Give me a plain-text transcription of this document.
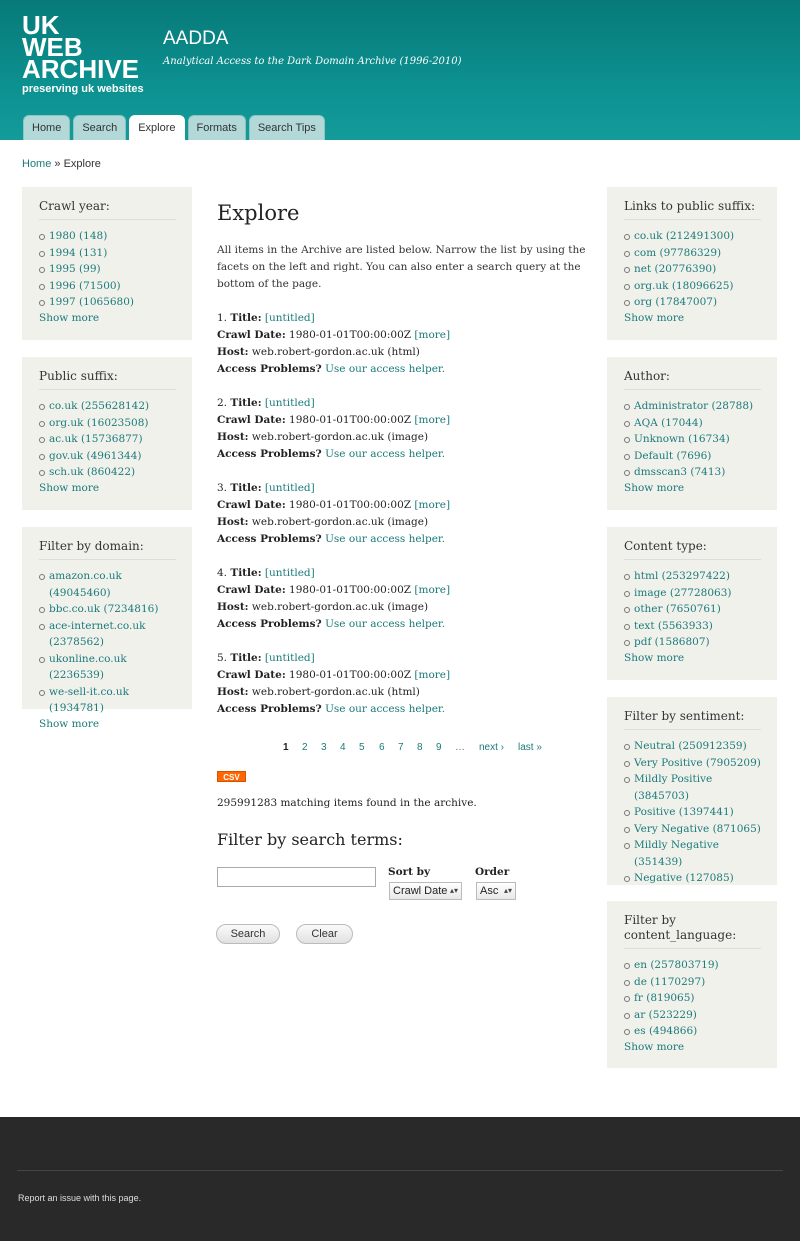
UK
WEB
ARCHIVE
preserving uk websites
AADDA
Analytical Access to the Dark Domain Archive (1996-2010)
Home	Search	Explore	Formats	Search Tips
Home » Explore
Crawl year:
1980 (148)
1994 (131)
1995 (99)
1996 (71500)
1997 (1065680)
Show more
Public suffix:
co.uk (255628142)
org.uk (16023508)
ac.uk (15736877)
gov.uk (4961344)
sch.uk (860422)
Show more
Filter by domain:
amazon.co.uk (49045460)
bbc.co.uk (7234816)
ace-internet.co.uk (2378562)
ukonline.co.uk (2236539)
we-sell-it.co.uk (1934781)
Show more
Links to public suffix:
co.uk (212491300)
com (97786329)
net (20776390)
org.uk (18096625)
org (17847007)
Show more
Author:
Administrator (28788)
AQA (17044)
Unknown (16734)
Default (7696)
dmsscan3 (7413)
Show more
Content type:
html (253297422)
image (27728063)
other (7650761)
text (5563933)
pdf (1586807)
Show more
Filter by sentiment:
Neutral (250912359)
Very Positive (7905209)
Mildly Positive (3845703)
Positive (1397441)
Very Negative (871065)
Mildly Negative (351439)
Negative (127085)
Filter by content_language:
en (257803719)
de (1170297)
fr (819065)
ar (523229)
es (494866)
Show more
Explore

All items in the Archive are listed below. Narrow the list by using the facets on the left and right. You can also enter a search query at the bottom of the page.

1. Title: [untitled]
Crawl Date: 1980-01-01T00:00:00Z [more]
Host: web.robert-gordon.ac.uk (html)
Access Problems? Use our access helper.
2. Title: [untitled]
Crawl Date: 1980-01-01T00:00:00Z [more]
Host: web.robert-gordon.ac.uk (image)
Access Problems? Use our access helper.
3. Title: [untitled]
Crawl Date: 1980-01-01T00:00:00Z [more]
Host: web.robert-gordon.ac.uk (image)
Access Problems? Use our access helper.
4. Title: [untitled]
Crawl Date: 1980-01-01T00:00:00Z [more]
Host: web.robert-gordon.ac.uk (image)
Access Problems? Use our access helper.
5. Title: [untitled]
Crawl Date: 1980-01-01T00:00:00Z [more]
Host: web.robert-gordon.ac.uk (html)
Access Problems? Use our access helper.
1 2 3 4 5 6 7 8 9 … next › last »
CSV
295991283 matching items found in the archive.
Filter by search terms:
Sort by
Crawl Date ▴▾
Order
Asc ▴▾
Search	Clear
Report an issue with this page.
